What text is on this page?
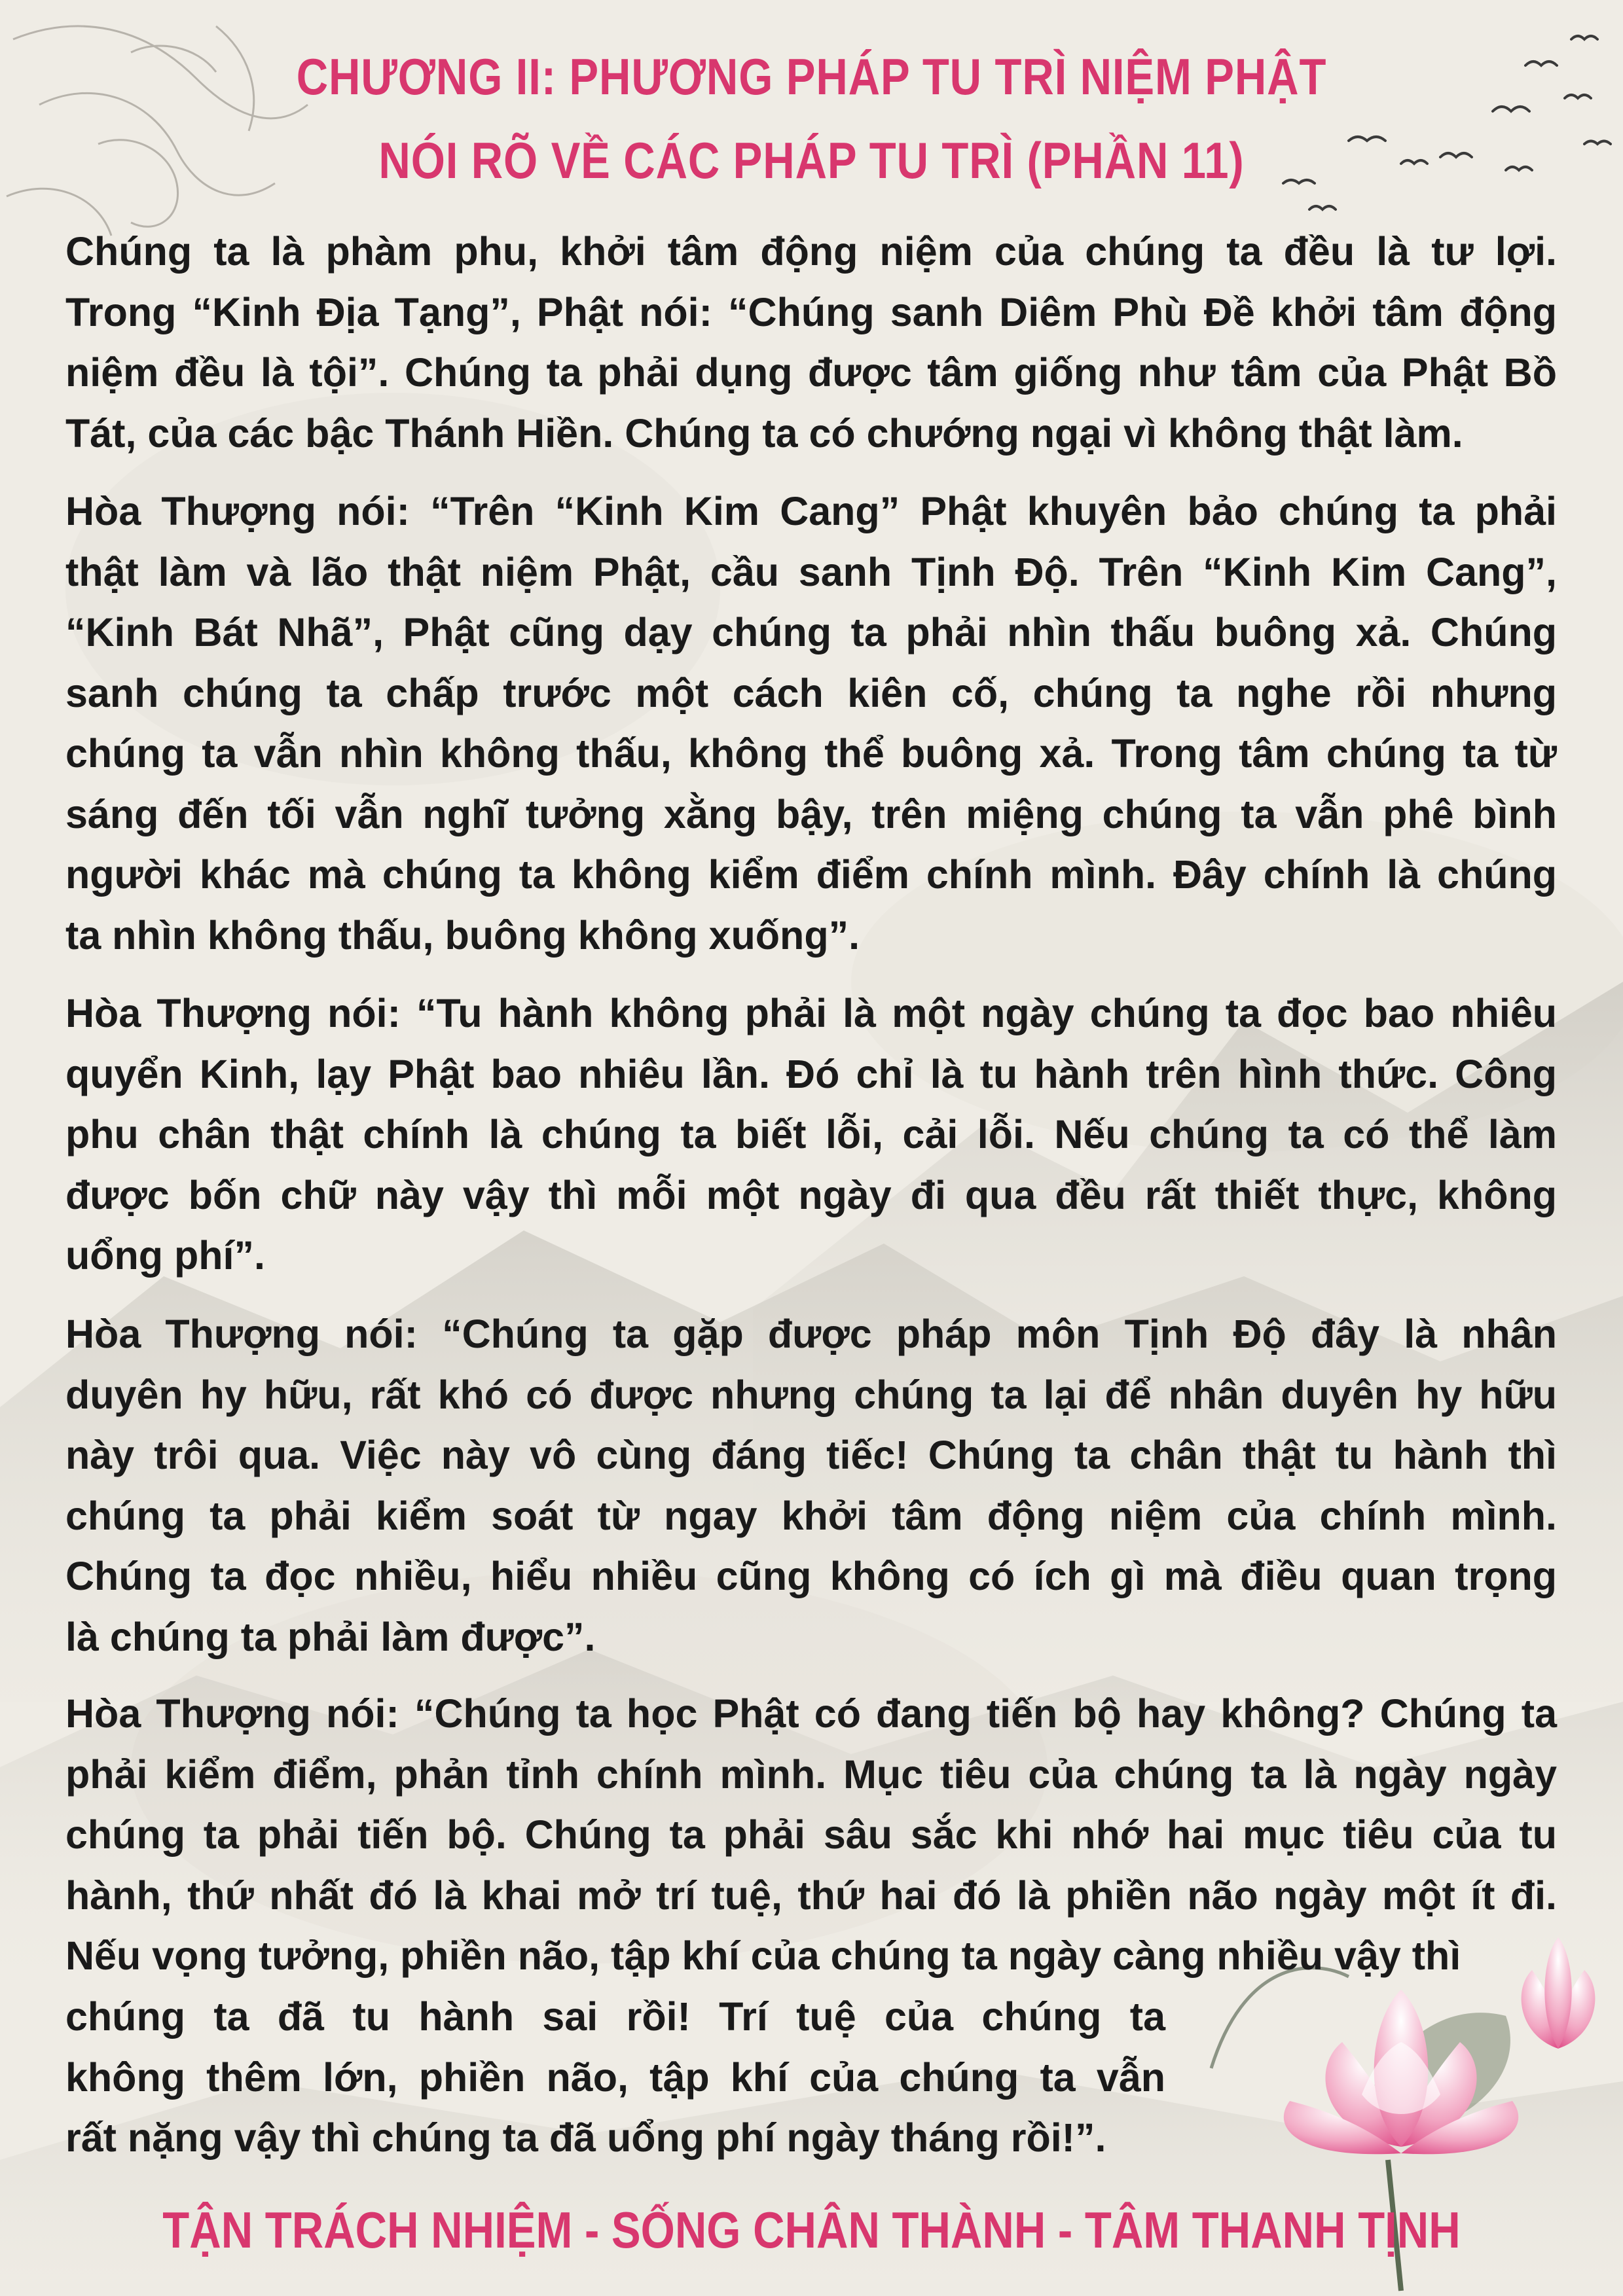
CHƯƠNG II: PHƯƠNG PHÁP TU TRÌ NIỆM PHẬT
NÓI RÕ VỀ CÁC PHÁP TU TRÌ (PHẦN 11)
Chúng ta là phàm phu, khởi tâm động niệm của chúng ta đều là tư lợi.
Trong “Kinh Địa Tạng”, Phật nói: “Chúng sanh Diêm Phù Đề khởi tâm động
niệm đều là tội”. Chúng ta phải dụng được tâm giống như tâm của Phật Bồ
Tát, của các bậc Thánh Hiền. Chúng ta có chướng ngại vì không thật làm.
Hòa Thượng nói: “Trên “Kinh Kim Cang” Phật khuyên bảo chúng ta phải
thật làm và lão thật niệm Phật, cầu sanh Tịnh Độ. Trên “Kinh Kim Cang”,
“Kinh Bát Nhã”, Phật cũng dạy chúng ta phải nhìn thấu buông xả. Chúng
sanh chúng ta chấp trước một cách kiên cố, chúng ta nghe rồi nhưng
chúng ta vẫn nhìn không thấu, không thể buông xả. Trong tâm chúng ta từ
sáng đến tối vẫn nghĩ tưởng xằng bậy, trên miệng chúng ta vẫn phê bình
người khác mà chúng ta không kiểm điểm chính mình. Đây chính là chúng
ta nhìn không thấu, buông không xuống”.
Hòa Thượng nói: “Tu hành không phải là một ngày chúng ta đọc bao nhiêu
quyển Kinh, lạy Phật bao nhiêu lần. Đó chỉ là tu hành trên hình thức. Công
phu chân thật chính là chúng ta biết lỗi, cải lỗi. Nếu chúng ta có thể làm
được bốn chữ này vậy thì mỗi một ngày đi qua đều rất thiết thực, không
uổng phí”.
Hòa Thượng nói: “Chúng ta gặp được pháp môn Tịnh Độ đây là nhân
duyên hy hữu, rất khó có được nhưng chúng ta lại để nhân duyên hy hữu
này trôi qua. Việc này vô cùng đáng tiếc! Chúng ta chân thật tu hành thì
chúng ta phải kiểm soát từ ngay khởi tâm động niệm của chính mình.
Chúng ta đọc nhiều, hiểu nhiều cũng không có ích gì mà điều quan trọng
là chúng ta phải làm được”.
Hòa Thượng nói: “Chúng ta học Phật có đang tiến bộ hay không? Chúng ta
phải kiểm điểm, phản tỉnh chính mình. Mục tiêu của chúng ta là ngày ngày
chúng ta phải tiến bộ. Chúng ta phải sâu sắc khi nhớ hai mục tiêu của tu
hành, thứ nhất đó là khai mở trí tuệ, thứ hai đó là phiền não ngày một ít đi.
Nếu vọng tưởng, phiền não, tập khí của chúng ta ngày càng nhiều vậy thì
chúng ta đã tu hành sai rồi! Trí tuệ của chúng ta
không thêm lớn, phiền não, tập khí của chúng ta vẫn
rất nặng vậy thì chúng ta đã uổng phí ngày tháng rồi!”.
TẬN TRÁCH NHIỆM - SỐNG CHÂN THÀNH - TÂM THANH TỊNH
